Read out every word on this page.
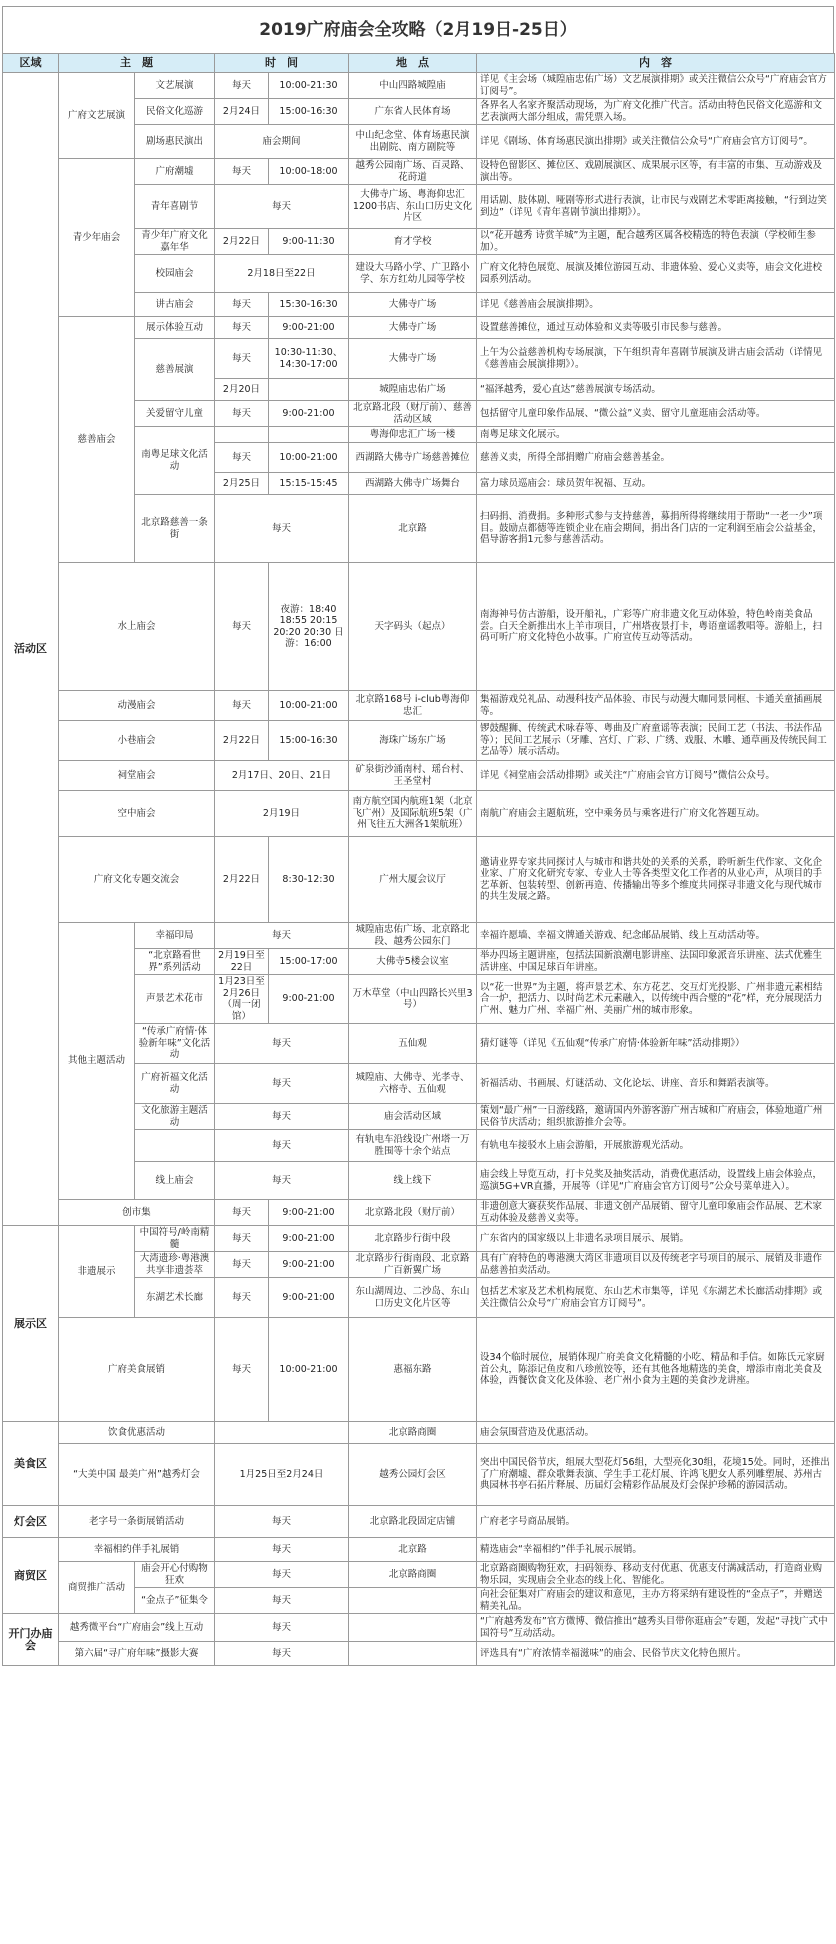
2019广府庙会全攻略（2月19日-25日）
区域	主　题		时　间		地　点	内　容
活动区	广府文艺展演	文艺展演	每天	10:00-21:30	中山四路城隍庙	详见《主会场（城隍庙忠佑广场）文艺展演排期》或关注微信公众号“广府庙会官方订阅号”。
		民俗文化巡游	2月24日	15:00-16:30	广东省人民体育场	各界名人名家齐聚活动现场，为广府文化推广代言。活动由特色民俗文化巡游和文艺表演两大部分组成，需凭票入场。
		剧场惠民演出	庙会期间		中山纪念堂、体育场惠民演出剧院、南方剧院等	详见《剧场、体育场惠民演出排期》或关注微信公众号“广府庙会官方订阅号”。
	青少年庙会	广府潮墟	每天	10:00-18:00	越秀公园南广场、百灵路、花莳道	设特色留影区、摊位区、戏剧展演区、成果展示区等，有丰富的市集、互动游戏及演出等。
		青年喜剧节	每天		大佛寺广场、粤海仰忠汇1200书店、东山口历史文化片区	用话剧、肢体剧、哑剧等形式进行表演，让市民与戏剧艺术零距离接触，“行到边笑到边”（详见《青年喜剧节演出排期》）。
		青少年广府文化嘉年华	2月22日	9:00-11:30	育才学校	以“花开越秀 诗赏羊城”为主题，配合越秀区属各校精选的特色表演（学校师生参加）。
		校园庙会	2月18日至22日		建设大马路小学、广卫路小学、东方红幼儿园等学校	广府文化特色展览、展演及摊位游园互动、非遗体验、爱心义卖等，庙会文化进校园系列活动。
		讲古庙会	每天	15:30-16:30	大佛寺广场	详见《慈善庙会展演排期》。
	慈善庙会	展示体验互动	每天	9:00-21:00	大佛寺广场	设置慈善摊位，通过互动体验和义卖等吸引市民参与慈善。
		慈善展演	每天	10:30-11:30、14:30-17:00	大佛寺广场	上午为公益慈善机构专场展演，下午组织青年喜剧节展演及讲古庙会活动（详情见《慈善庙会展演排期》）。
			2月20日		城隍庙忠佑广场	“福泽越秀，爱心直达”慈善展演专场活动。
		关爱留守儿童	每天	9:00-21:00	北京路北段（财厅前）、慈善活动区域	包括留守儿童印象作品展、“微公益”义卖、留守儿童逛庙会活动等。
		南粤足球文化活动			粤海仰忠汇广场一楼	南粤足球文化展示。
			每天	10:00-21:00	西湖路大佛寺广场慈善摊位	慈善义卖，所得全部捐赠广府庙会慈善基金。
			2月25日	15:15-15:45	西湖路大佛寺广场舞台	富力球员巡庙会：球员贺年祝福、互动。
		北京路慈善一条街	每天		北京路	扫码捐、消费捐。多种形式参与支持慈善，募捐所得将继续用于帮助“一老一少”项目。鼓励点都德等连锁企业在庙会期间，捐出各门店的一定利润至庙会公益基金，倡导游客捐1元参与慈善活动。
	水上庙会		每天	夜游：18:40 18:55 20:15 20:20 20:30 日游：16:00	天字码头（起点）	南海神号仿古游船，设开船礼，广彩等广府非遗文化互动体验，特色岭南美食品尝。白天全新推出水上羊市项目，广州塔夜景打卡，粤语童谣教唱等。游船上，扫码可听广府文化特色小故事。广府宣传互动等活动。
	动漫庙会		每天	10:00-21:00	北京路168号 i-club粤海仰忠汇	集福游戏兑礼品、动漫科技产品体验、市民与动漫大咖同景同框、卡通关童插画展等。
	小巷庙会		2月22日	15:00-16:30	海珠广场东广场	锣鼓醒狮、传统武术咏春等、粤曲及广府童谣等表演；民间工艺（书法、书法作品等）；民间工艺展示（牙雕、宫灯、广彩、广绣、戏服、木雕、通草画及传统民间工艺品等）展示活动。
	祠堂庙会		2月17日、20日、21日		矿泉街沙涌南村、瑶台村、王圣堂村	详见《祠堂庙会活动排期》或关注“广府庙会官方订阅号”微信公众号。
	空中庙会		2月19日		南方航空国内航班1架（北京飞广州）及国际航班5架（广州飞往五大洲各1架航班）	南航广府庙会主题航班，空中乘务员与乘客进行广府文化答题互动。
	广府文化专题交流会		2月22日	8:30-12:30	广州大厦会议厅	邀请业界专家共同探讨人与城市和谐共处的关系的关系，聆听新生代作家、文化企业家、广府文化研究专家、专业人士等各类型文化工作者的从业心声，从项目的手艺革新、包装转型、创新再造、传播输出等多个维度共同探寻非遗文化与现代城市的共生发展之路。
	其他主题活动	幸福印局	每天		城隍庙忠佑广场、北京路北段、越秀公园东门	幸福许愿墙、幸福文牌通关游戏、纪念邮品展销、线上互动活动等。
		“北京路看世界”系列活动	2月19日至22日	15:00-17:00	大佛寺5楼会议室	举办四场主题讲座，包括法国新浪潮电影讲座、法国印象派音乐讲座、法式优雅生活讲座、中国足球百年讲座。
		声景艺术花市	1月23日至2月26日（周一闭馆）	9:00-21:00	万木草堂（中山四路长兴里3号）	以“花一世界”为主题，将声景艺术、东方花艺、交互灯光投影、广州非遗元素相结合一炉，把活力、以时尚艺术元素融入，以传统中西合璧的“花”样，充分展现活力广州、魅力广州、幸福广州、美丽广州的城市形象。
		“传承广府情·体验新年味”文化活动	每天		五仙观	猜灯谜等（详见《五仙观“传承广府情·体验新年味”活动排期》）
		广府祈福文化活动	每天		城隍庙、大佛寺、光孝寺、六榕寺、五仙观	祈福活动、书画展、灯谜活动、文化论坛、讲座、音乐和舞蹈表演等。
		文化旅游主题活动	每天		庙会活动区域	策划“最广州”一日游线路，邀请国内外游客游广州古城和广府庙会，体验地道广州民俗节庆活动；组织旅游推介会等。
			每天		有轨电车沿线设广州塔一万胜围等十余个站点	有轨电车接驳水上庙会游船，开展旅游观光活动。
		线上庙会	每天		线上线下	庙会线上导览互动，打卡兑奖及抽奖活动，消费优惠活动，设置线上庙会体验点，巡演5G+VR直播，开展等（详见“广府庙会官方订阅号”公众号菜单进入）。
	创市集		每天	9:00-21:00	北京路北段（财厅前）	非遗创意大赛获奖作品展、非遗文创产品展销、留守儿童印象庙会作品展、艺术家互动体验及慈善义卖等。
展示区	非遗展示	中国符号/岭南精髓	每天	9:00-21:00	北京路步行街中段	广东省内的国家级以上非遗名录项目展示、展销。
		大湾遗珍·粤港澳共享非遗荟萃	每天	9:00-21:00	北京路步行街南段、北京路广百新翼广场	具有广府特色的粤港澳大湾区非遗项目以及传统老字号项目的展示、展销及非遗作品慈善拍卖活动。
		东湖艺术长廊	每天	9:00-21:00	东山湖周边、二沙岛、东山口历史文化片区等	包括艺术家及艺术机构展览、东山艺术市集等，详见《东湖艺术长廊活动排期》或关注微信公众号“广府庙会官方订阅号”。
	广府美食展销		每天	10:00-21:00	惠福东路	设34个临时展位，展销体现广府美食文化精髓的小吃、精品和手信。如陈氏元家厨首公丸，陈添记鱼皮和八珍煎饺等，还有其他各地精选的美食，增添市南北美食及体验，西餐饮食文化及体验、老广州小食为主题的美食沙龙讲座。
美食区	饮食优惠活动				北京路商圈	庙会氛围营造及优惠活动。
	“大美中国 最美广州”越秀灯会		1月25日至2月24日		越秀公园灯会区	突出中国民俗节庆，组展大型花灯56组，大型亮化30组，花境15处。同时，还推出了广府潮墟、群众歌舞表演、学生手工花灯展、许鸿飞肥女人系列雕塑展、苏州古典园林书亭石拓片释展、历届灯会精彩作品展及灯会保护珍稀的游园活动。
灯会区	老字号一条街展销活动		每天		北京路北段固定店铺	广府老字号商品展销。
商贸区	幸福相约伴手礼展销		每天		北京路	精选庙会“幸福相约”伴手礼展示展销。
	商贸推广活动	庙会开心付购物狂欢	每天		北京路商圈	北京路商圈购物狂欢，扫码领券、移动支付优惠、优惠支付满减活动，打造商业购物乐园，实现庙会全业态的线上化、智能化。
		“金点子”征集令	每天			向社会征集对广府庙会的建议和意见，主办方将采纳有建设性的“金点子”，并赠送精美礼品。
开门办庙会	越秀微平台“广府庙会”线上互动		每天			“广府越秀发布”官方微博、微信推出“越秀头目带你逛庙会”专题，发起“寻找广式中国符号”互动活动。
	第六届“寻广府年味”摄影大赛		每天			评选具有“广府浓情幸福滋味”的庙会、民俗节庆文化特色照片。
